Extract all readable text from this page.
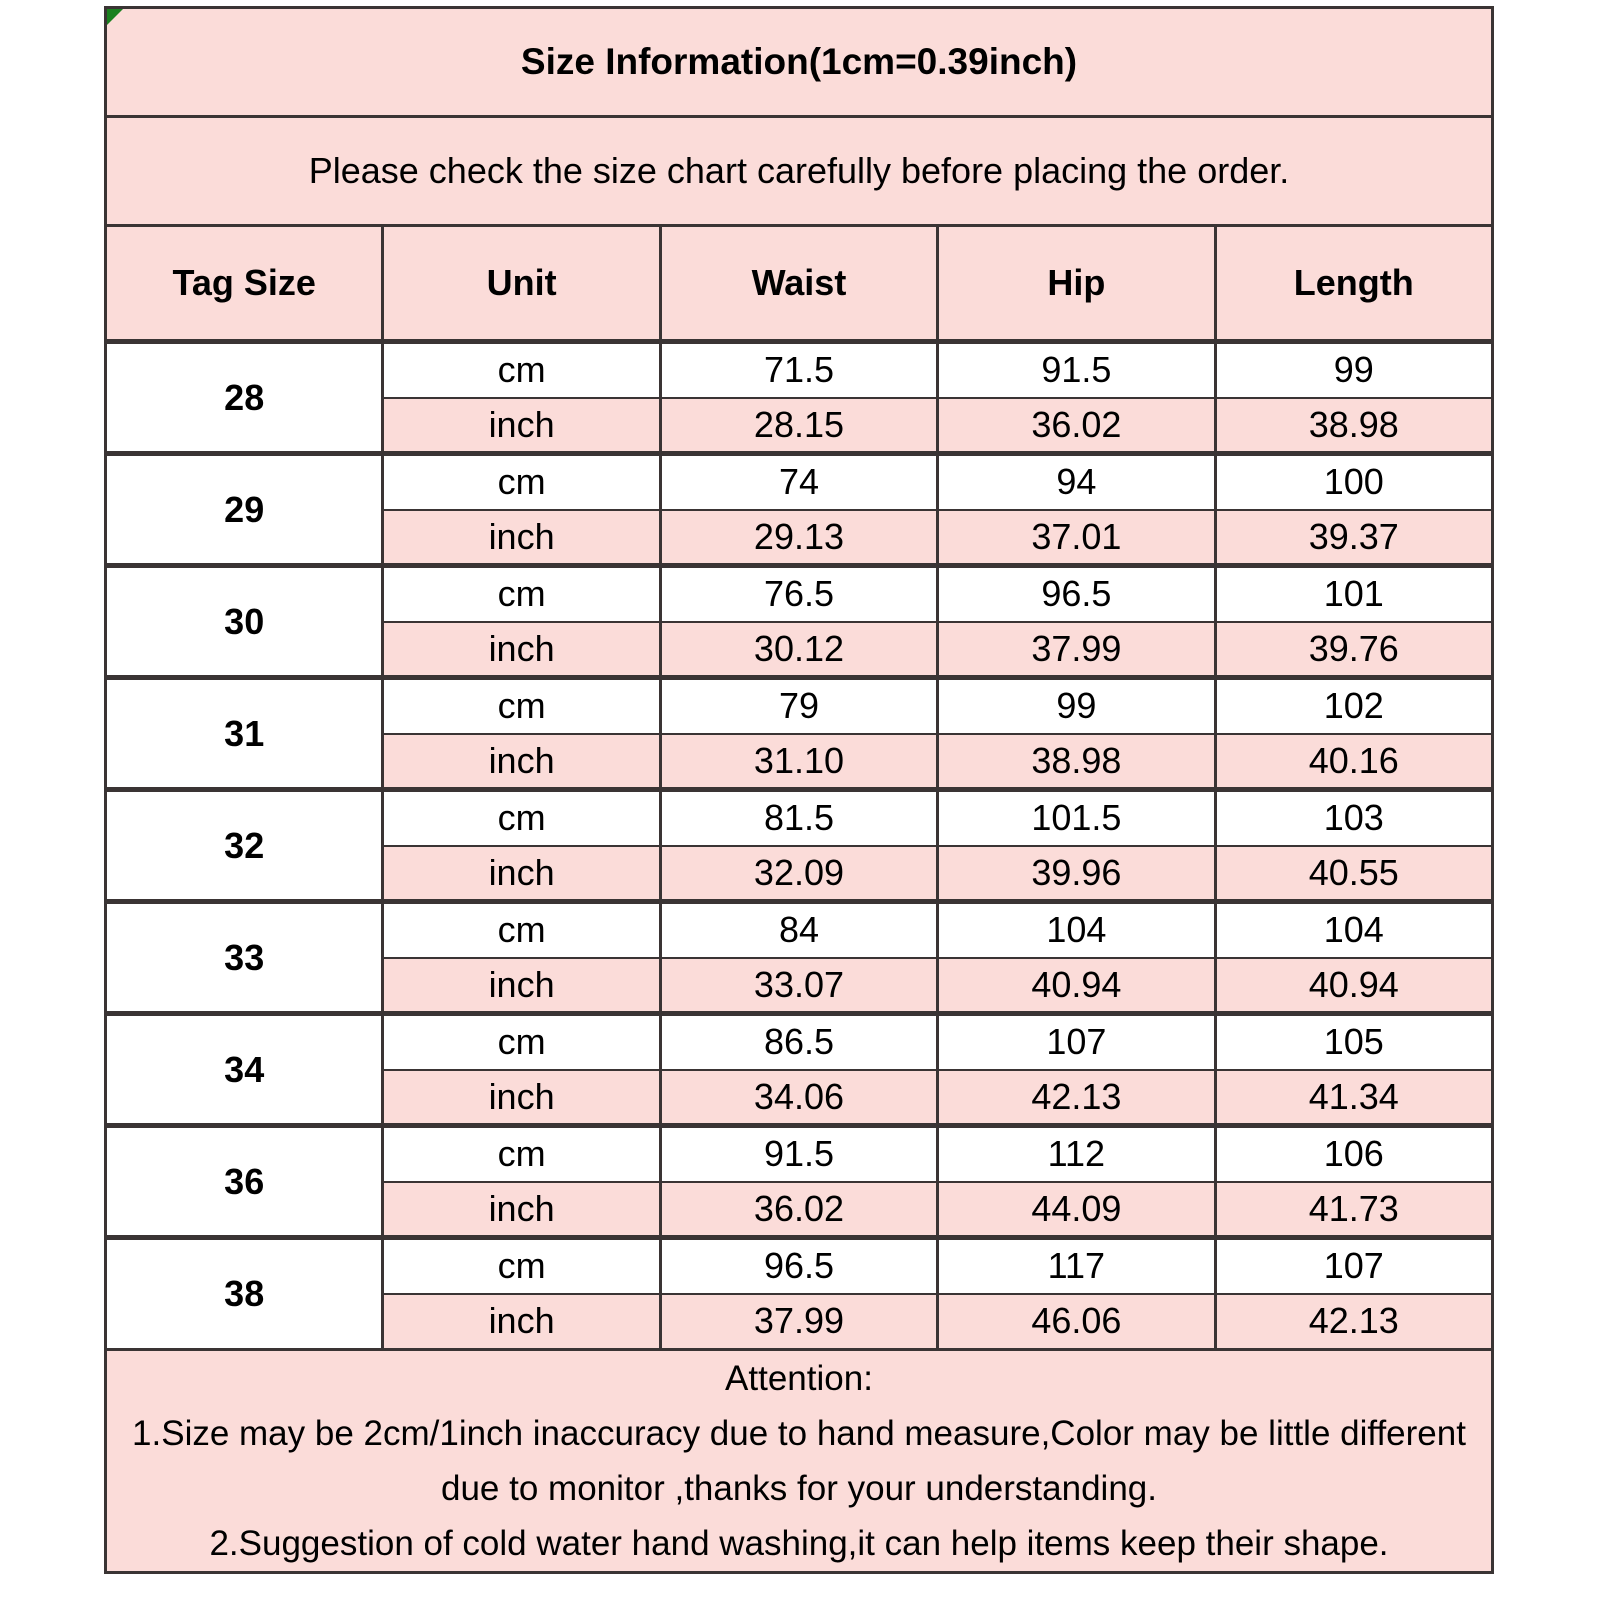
Size Information(1cm=0.39inch)				
Please check the size chart carefully before placing the order.				
Tag Size	Unit	Waist	Hip	Length
28	cm	71.5	91.5	99
	inch	28.15	36.02	38.98
29	cm	74	94	100
	inch	29.13	37.01	39.37
30	cm	76.5	96.5	101
	inch	30.12	37.99	39.76
31	cm	79	99	102
	inch	31.10	38.98	40.16
32	cm	81.5	101.5	103
	inch	32.09	39.96	40.55
33	cm	84	104	104
	inch	33.07	40.94	40.94
34	cm	86.5	107	105
	inch	34.06	42.13	41.34
36	cm	91.5	112	106
	inch	36.02	44.09	41.73
38	cm	96.5	117	107
	inch	37.99	46.06	42.13

Attention:
1.Size may be 2cm/1inch inaccuracy due to hand measure,Color may be little different due to monitor ,thanks for your understanding.
2.Suggestion of cold water hand washing,it can help items keep their shape.				
